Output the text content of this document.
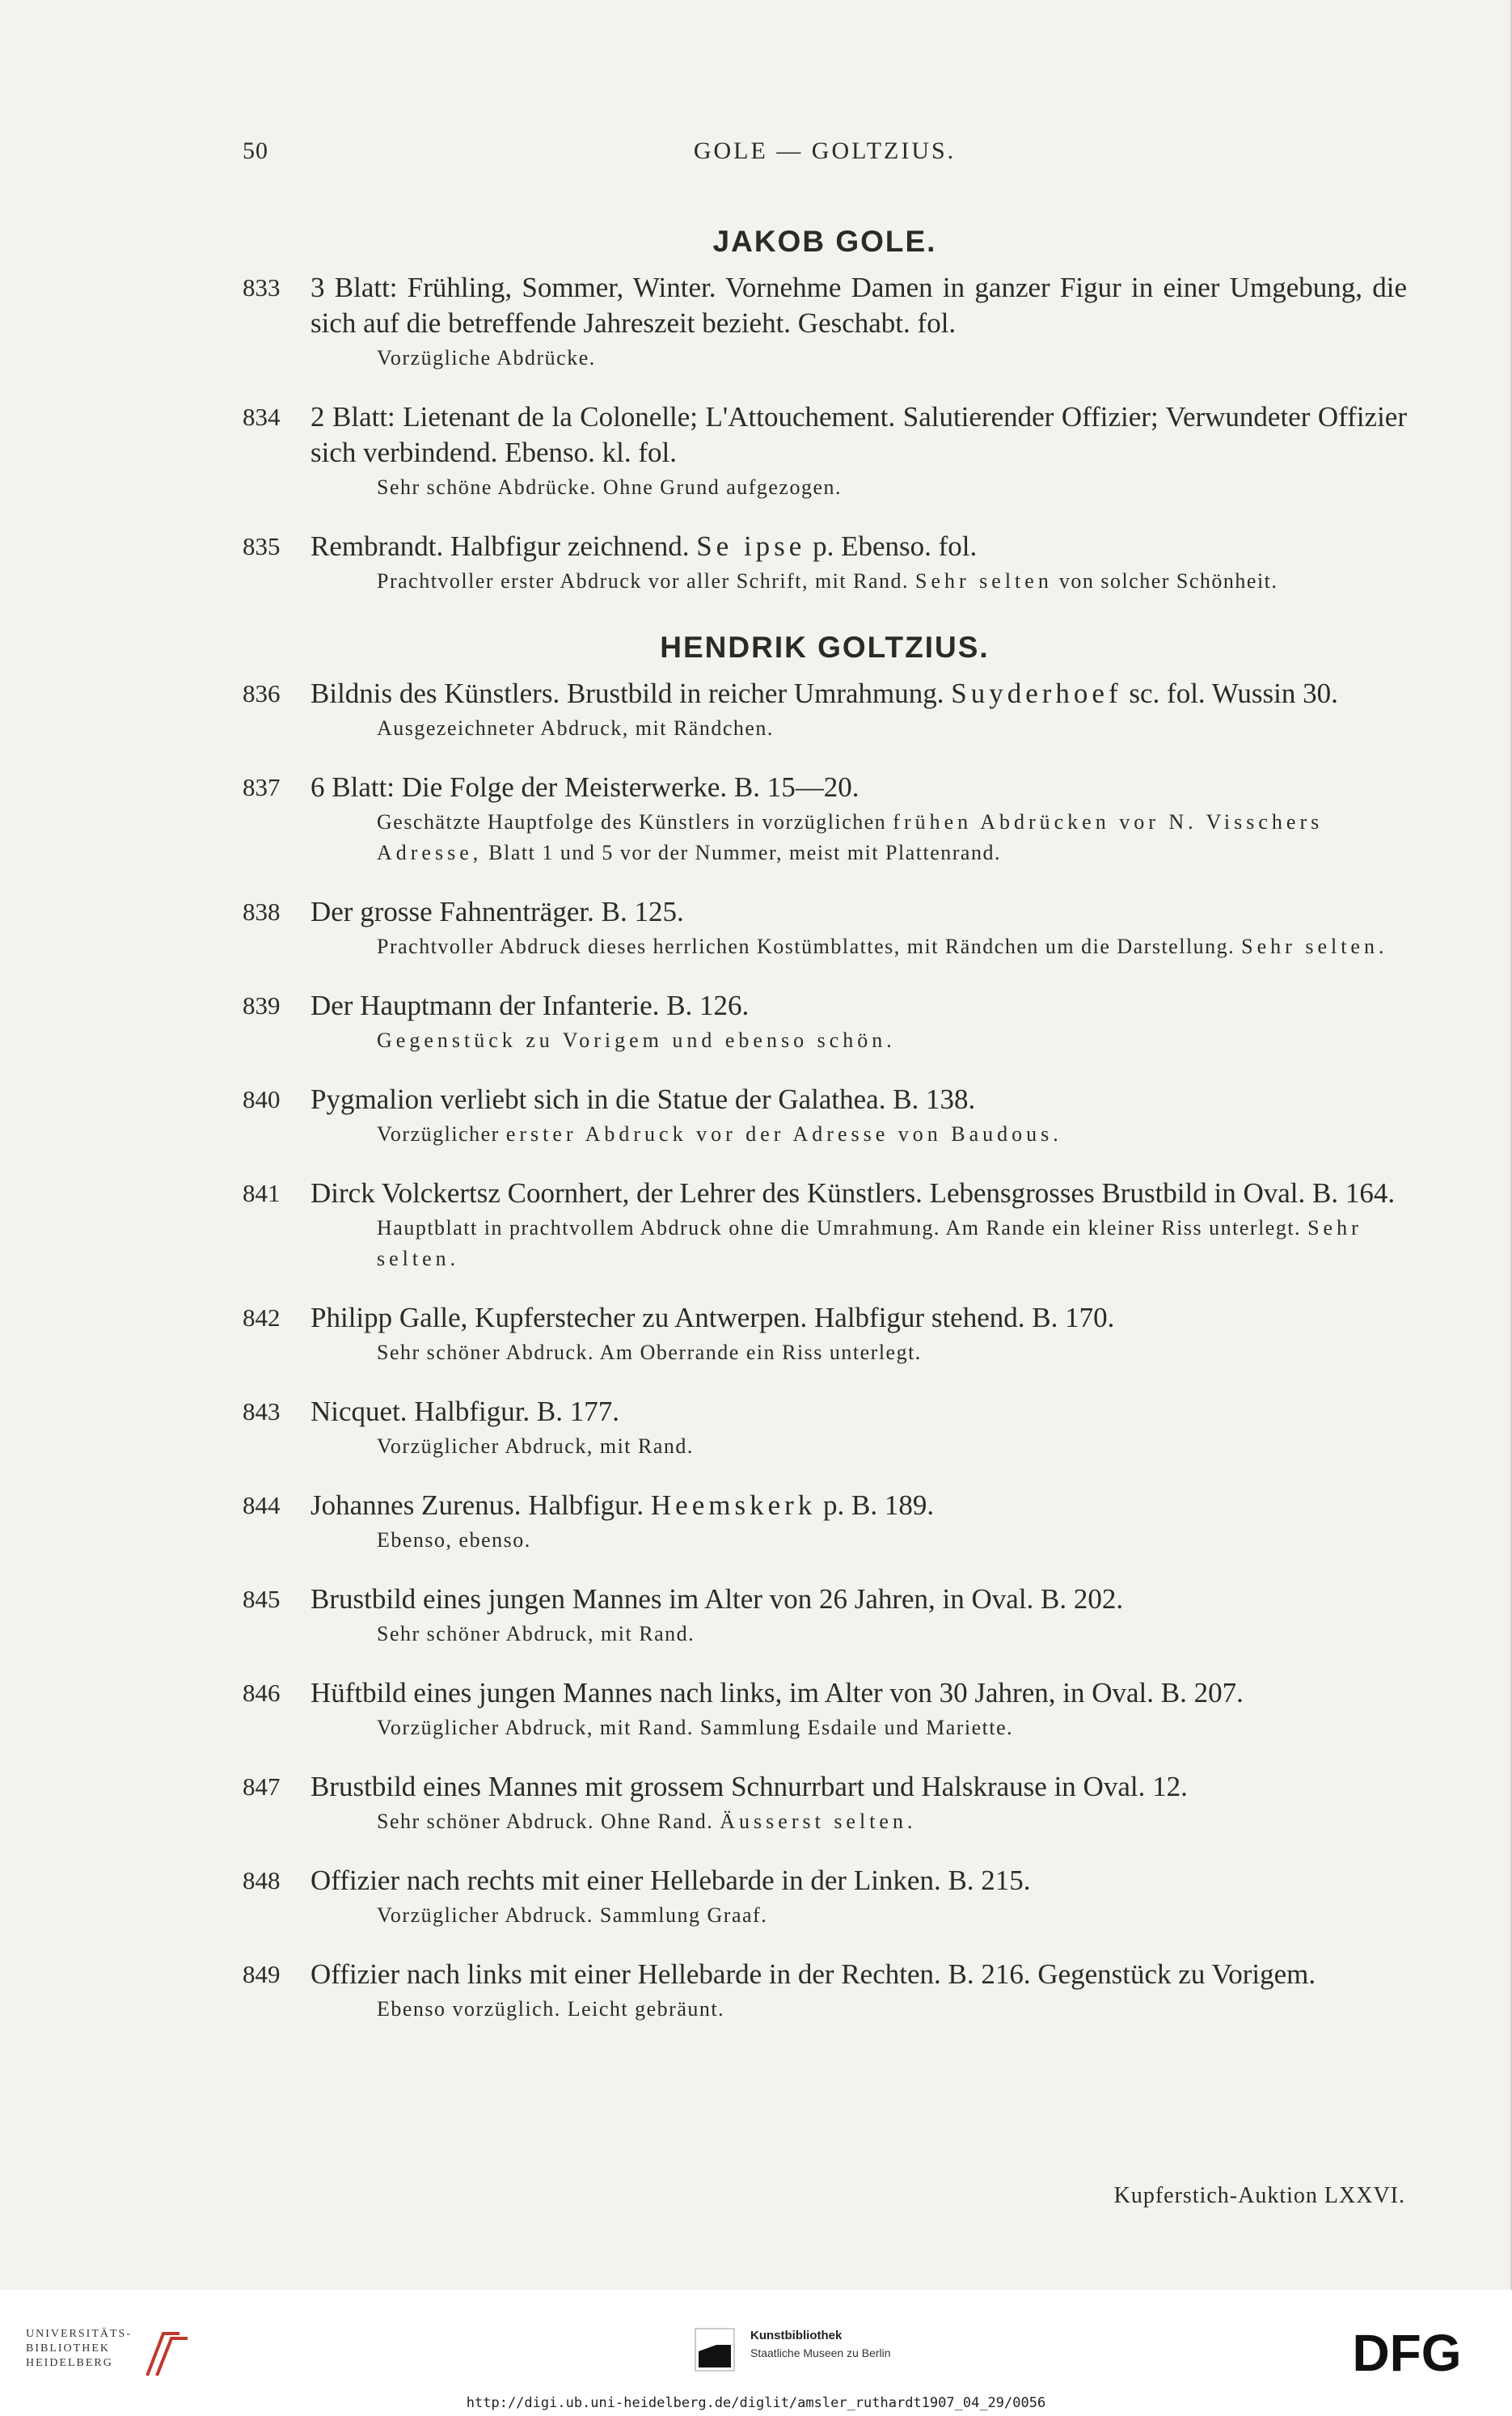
50	GOLE — GOLTZIUS.
JAKOB GOLE.
833 3 Blatt: Frühling, Sommer, Winter. Vornehme Damen in ganzer Figur in einer Umgebung, die sich auf die betreffende Jahreszeit bezieht. Geschabt. fol.
Vorzügliche Abdrücke.
834 2 Blatt: Lietenant de la Colonelle; L'Attouchement. Salutierender Offizier; Verwundeter Offizier sich verbindend. Ebenso. kl. fol.
Sehr schöne Abdrücke. Ohne Grund aufgezogen.
835 Rembrandt. Halbfigur zeichnend. Se ipse p. Ebenso. fol.
Prachtvoller erster Abdruck vor aller Schrift, mit Rand. Sehr selten von solcher Schönheit.
HENDRIK GOLTZIUS.
836 Bildnis des Künstlers. Brustbild in reicher Umrahmung. Suyderhoef sc. fol. Wussin 30.
Ausgezeichneter Abdruck, mit Rändchen.
837 6 Blatt: Die Folge der Meisterwerke. B. 15—20.
Geschätzte Hauptfolge des Künstlers in vorzüglichen frühen Abdrücken vor N. Visschers Adresse, Blatt 1 und 5 vor der Nummer, meist mit Plattenrand.
838 Der grosse Fahnenträger. B. 125.
Prachtvoller Abdruck dieses herrlichen Kostümblattes, mit Rändchen um die Darstellung. Sehr selten.
839 Der Hauptmann der Infanterie. B. 126.
Gegenstück zu Vorigem und ebenso schön.
840 Pygmalion verliebt sich in die Statue der Galathea. B. 138.
Vorzüglicher erster Abdruck vor der Adresse von Baudous.
841 Dirck Volckertsz Coornhert, der Lehrer des Künstlers. Lebensgrosses Brustbild in Oval. B. 164.
Hauptblatt in prachtvollem Abdruck ohne die Umrahmung. Am Rande ein kleiner Riss unterlegt. Sehr selten.
842 Philipp Galle, Kupferstecher zu Antwerpen. Halbfigur stehend. B. 170.
Sehr schöner Abdruck. Am Oberrande ein Riss unterlegt.
843 Nicquet. Halbfigur. B. 177.
Vorzüglicher Abdruck, mit Rand.
844 Johannes Zurenus. Halbfigur. Heemskerk p. B. 189.
Ebenso, ebenso.
845 Brustbild eines jungen Mannes im Alter von 26 Jahren, in Oval. B. 202.
Sehr schöner Abdruck, mit Rand.
846 Hüftbild eines jungen Mannes nach links, im Alter von 30 Jahren, in Oval. B. 207.
Vorzüglicher Abdruck, mit Rand. Sammlung Esdaile und Mariette.
847 Brustbild eines Mannes mit grossem Schnurrbart und Halskrause in Oval. 12.
Sehr schöner Abdruck. Ohne Rand. Äusserst selten.
848 Offizier nach rechts mit einer Hellebarde in der Linken. B. 215.
Vorzüglicher Abdruck. Sammlung Graaf.
849 Offizier nach links mit einer Hellebarde in der Rechten. B. 216. Gegenstück zu Vorigem.
Ebenso vorzüglich. Leicht gebräunt.
Kupferstich-Auktion LXXVI.
UNIVERSITÄTS-
BIBLIOTHEK
HEIDELBERG
Kunstbibliothek
Staatliche Museen zu Berlin	DFG
http://digi.ub.uni-heidelberg.de/diglit/amsler_ruthardt1907_04_29/0056
